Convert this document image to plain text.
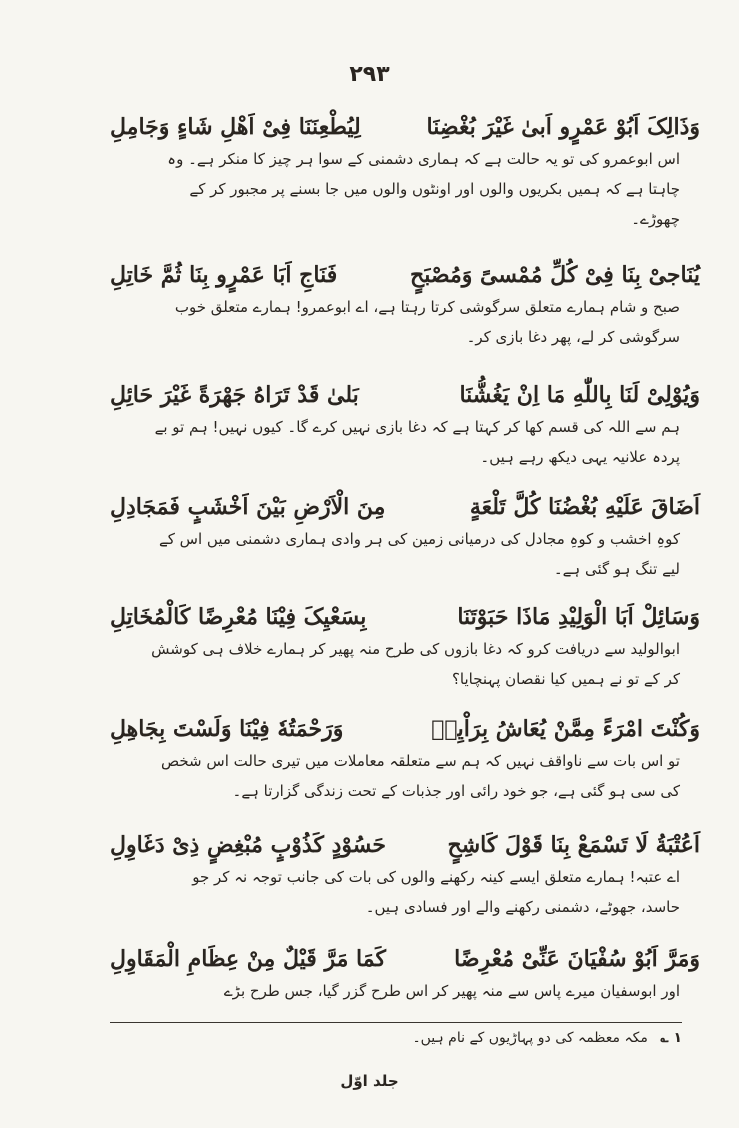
۲۹۳
لِیُطْعِنَنَا فِیْ اَهْلِ شَاءٍ وَجَامِلِ	وَذَالِکَ اَبُوْ عَمْرٍو اَبیٰ غَیْرَ بُغْضِنَا
اس ابوعمرو کی تو یہ حالت ہے کہ ہماری دشمنی کے سوا ہر چیز کا منکر ہے۔ وہ چاہتا ہے کہ ہمیں بکریوں والوں اور اونٹوں والوں میں جا بسنے پر مجبور کر کے چھوڑے۔
فَنَاجِ اَبَا عَمْرٍو بِنَا ثُمَّ خَاتِلِ	یُنَاجیْ بِنَا فِیْ کُلِّ مُمْسیً وَمُصْبَحٍ
صبح و شام ہمارے متعلق سرگوشی کرتا رہتا ہے، اے ابوعمرو! ہمارے متعلق خوب سرگوشی کر لے، پھر دغا بازی کر۔
بَلیٰ قَدْ تَرَاهُ جَهْرَةً غَیْرَ حَائِلِ	وَیُوْلِیْ لَنَا بِاللّٰهِ مَا اِنْ یَغُشُّنَا
ہم سے اللہ کی قسم کھا کر کہتا ہے کہ دغا بازی نہیں کرے گا۔ کیوں نہیں! ہم تو بے پردہ علانیہ یہی دیکھ رہے ہیں۔
مِنَ الْاَرْضِ بَیْنَ اَخْشَبٍ فَمَجَادِلِ	اَضَاقَ عَلَیْهِ بُغْضُنَا کُلَّ تَلْعَةٍ
کوہِ اخشب و کوہِ مجادل کی درمیانی زمین کی ہر وادی ہماری دشمنی میں اس کے لیے تنگ ہو گئی ہے۔
بِسَعْیِکَ فِیْنَا مُعْرِضًا کَالْمُخَاتِلِ	وَسَائِلْ اَبَا الْوَلِیْدِ مَاذَا حَبَوْتَنَا
ابوالولید سے دریافت کرو کہ دغا بازوں کی طرح منہ پھیر کر ہمارے خلاف ہی کوشش کر کے تو نے ہمیں کیا نقصان پہنچایا؟
وَرَحْمَتُهٗ فِیْنَا وَلَسْتَ بِجَاهِلِ	وَکُنْتَ امْرَءً مِمَّنْ یُعَاشُ بِرَاْیِهٖ
تو اس بات سے ناواقف نہیں کہ ہم سے متعلقہ معاملات میں تیری حالت اس شخص کی سی ہو گئی ہے، جو خود رائی اور جذبات کے تحت زندگی گزارتا ہے۔
حَسُوْدٍ کَذُوْبٍ مُبْغِضٍ ذِیْ دَغَاوِلِ	اَعُتْبَةُ لَا تَسْمَعْ بِنَا قَوْلَ کَاشِحٍ
اے عتبہ! ہمارے متعلق ایسے کینہ رکھنے والوں کی بات کی جانب توجہ نہ کر جو حاسد، جھوٹے، دشمنی رکھنے والے اور فسادی ہیں۔
کَمَا مَرَّ قَیْلٌ مِنْ عِظَامِ الْمَقَاوِلِ	وَمَرَّ اَبُوْ سُفْیَانَ عَنِّیْ مُعْرِضًا
اور ابوسفیان میرے پاس سے منہ پھیر کر اس طرح گزر گیا، جس طرح بڑے
۱ ؎ مکہ معظمہ کی دو پہاڑیوں کے نام ہیں۔
جلد اوّل
